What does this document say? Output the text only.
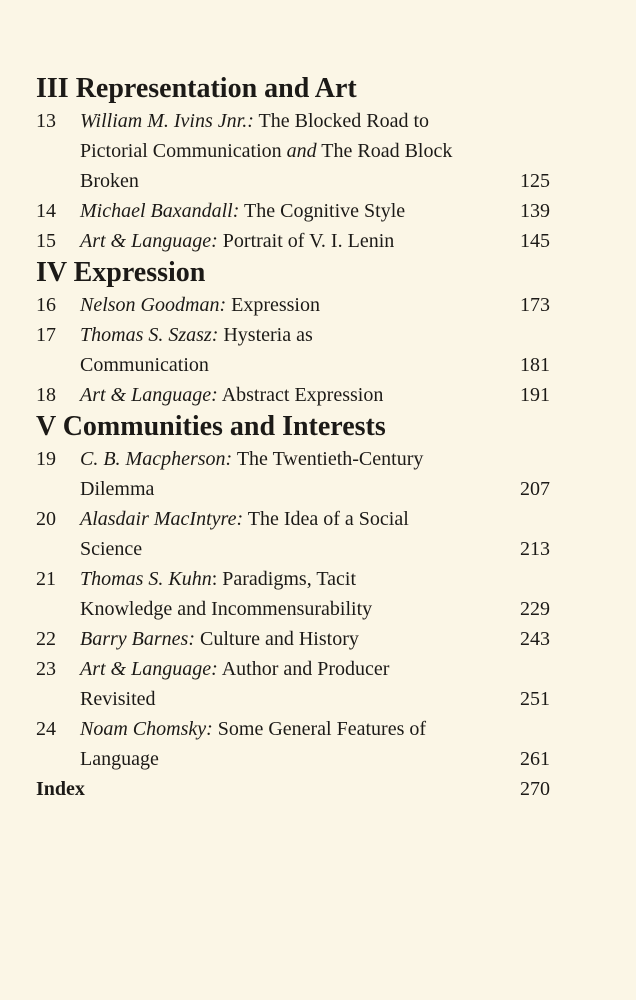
III Representation and Art
13	William M. Ivins Jnr.: The Blocked Road to
Pictorial Communication and The Road Block
Broken	125
14	Michael Baxandall: The Cognitive Style	139
15	Art & Language: Portrait of V. I. Lenin	145
IV Expression
16	Nelson Goodman: Expression	173
17	Thomas S. Szasz: Hysteria as
Communication	181
18	Art & Language: Abstract Expression	191
V Communities and Interests
19	C. B. Macpherson: The Twentieth-Century
Dilemma	207
20	Alasdair MacIntyre: The Idea of a Social
Science	213
21	Thomas S. Kuhn: Paradigms, Tacit
Knowledge and Incommensurability	229
22	Barry Barnes: Culture and History	243
23	Art & Language: Author and Producer
Revisited	251
24	Noam Chomsky: Some General Features of
Language	261
Index	270
